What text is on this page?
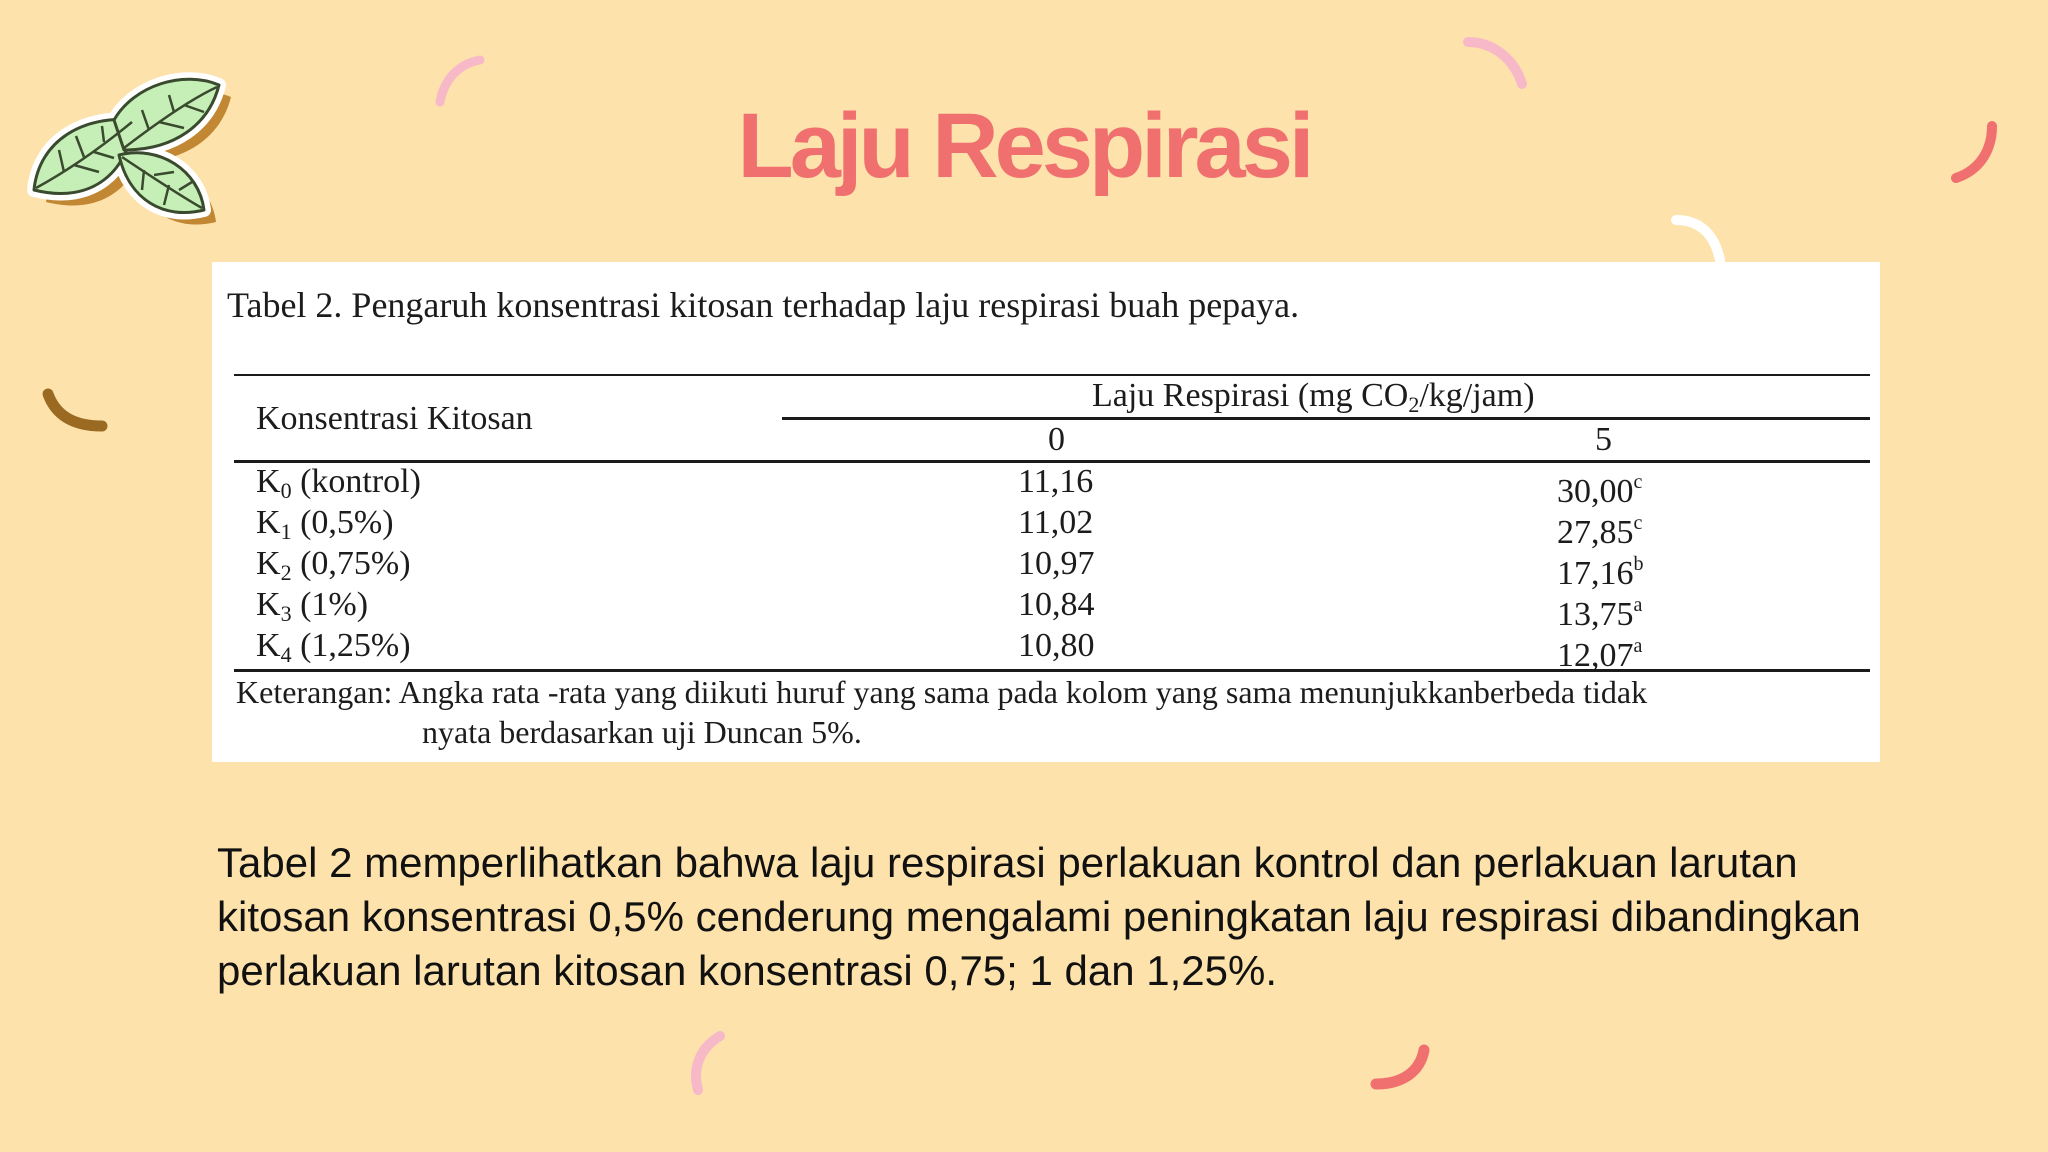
Laju Respirasi

Tabel 2. Pengaruh konsentrasi kitosan terhadap laju respirasi buah pepaya.

Konsentrasi Kitosan
Laju Respirasi (mg CO2/kg/jam)
0	5
K0 (kontrol)	11,16	30,00$^c$
K1 (0,5%)	11,02	27,85$^c$
K2 (0,75%)	10,97	17,16$^b$
K3 (1%)	10,84	13,75$^a$
K4 (1,25%)	10,80	12,07$^a$
Keterangan: Angka rata -rata yang diikuti huruf yang sama pada kolom yang sama menunjukkanberbeda tidak
nyata berdasarkan uji Duncan 5%.

Tabel 2 memperlihatkan bahwa laju respirasi perlakuan kontrol dan perlakuan larutan kitosan konsentrasi 0,5% cenderung mengalami peningkatan laju respirasi dibandingkan perlakuan larutan kitosan konsentrasi 0,75; 1 dan 1,25%.
